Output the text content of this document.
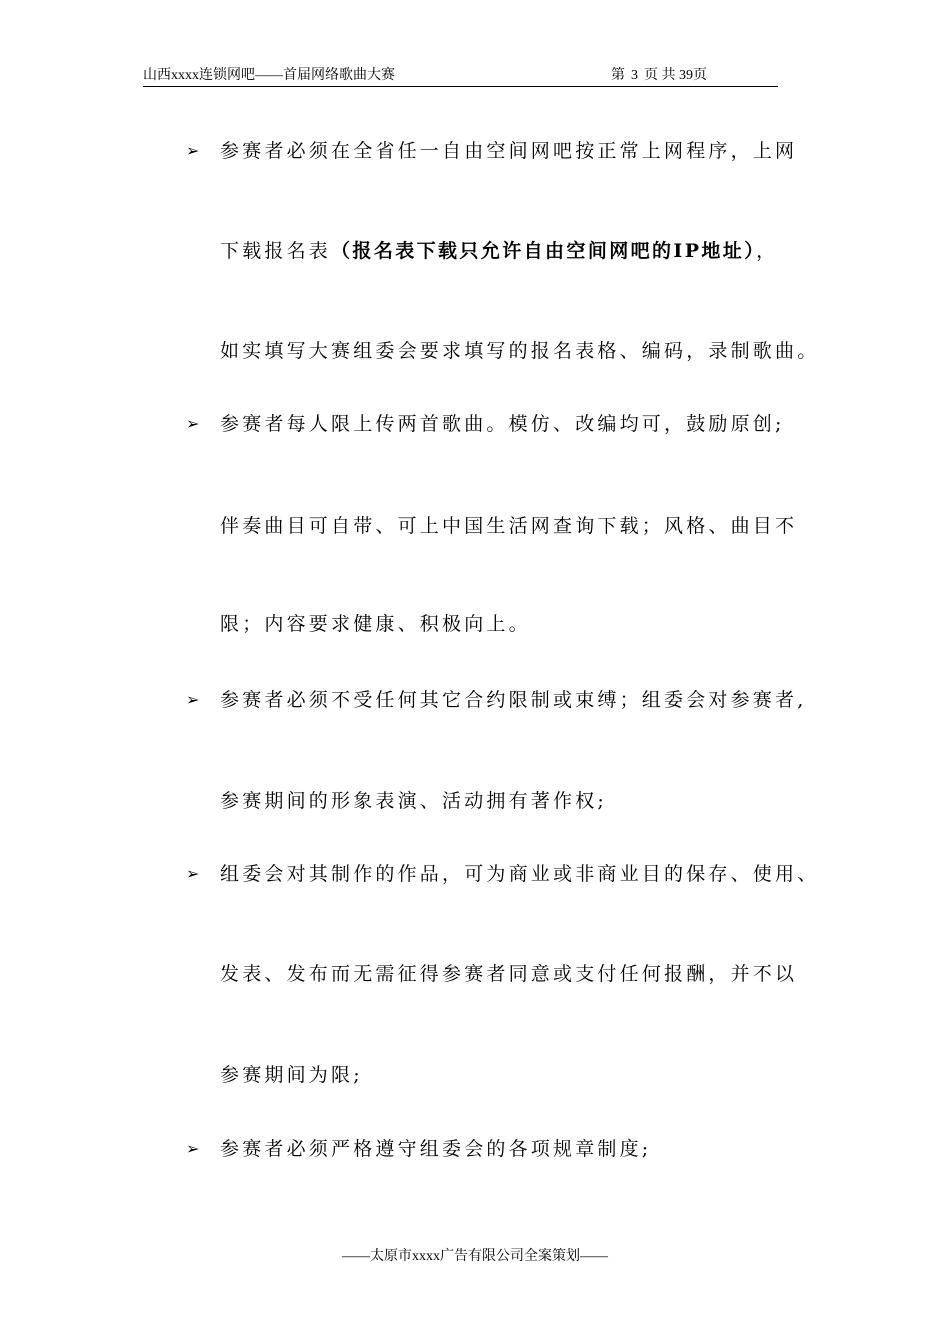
山西xxxx连锁网吧——首届网络歌曲大赛	第 3 页 共 39页
➢ 参赛者必须在全省任一自由空间网吧按正常上网程序，上网
下载报名表（报名表下载只允许自由空间网吧的IP地址），
如实填写大赛组委会要求填写的报名表格、编码，录制歌曲。
➢ 参赛者每人限上传两首歌曲。模仿、改编均可，鼓励原创;
伴奏曲目可自带、可上中国生活网查询下载；风格、曲目不
限；内容要求健康、积极向上。
➢ 参赛者必须不受任何其它合约限制或束缚；组委会对参赛者,
参赛期间的形象表演、活动拥有著作权;
➢ 组委会对其制作的作品，可为商业或非商业目的保存、使用、
发表、发布而无需征得参赛者同意或支付任何报酬，并不以
参赛期间为限;
➢ 参赛者必须严格遵守组委会的各项规章制度;
——太原市xxxx广告有限公司全案策划——
